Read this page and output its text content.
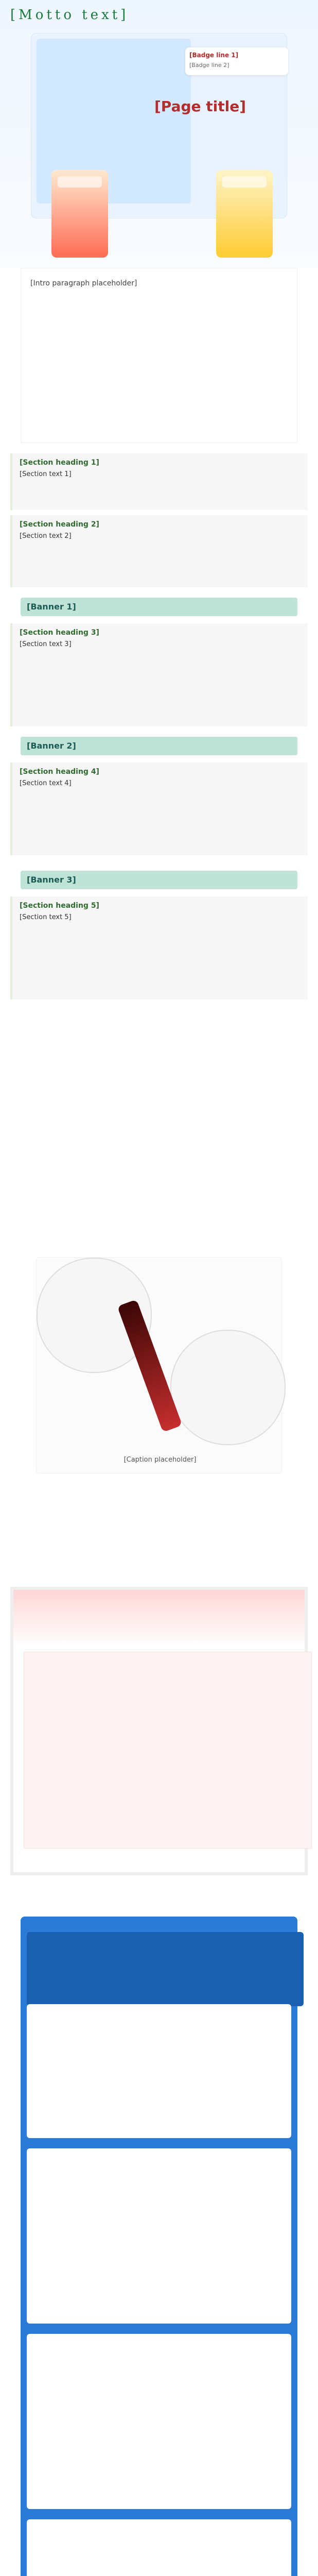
[Motto text]
[Badge line 1]
[Badge line 2]
[Page title]
[Intro paragraph placeholder]
[Section heading 1]
[Section text 1]
[Section heading 2]
[Section text 2]
[Banner 1]
[Section heading 3]
[Section text 3]
[Banner 2]
[Section heading 4]
[Section text 4]
[Banner 3]
[Section heading 5]
[Section text 5]
[Caption placeholder]
